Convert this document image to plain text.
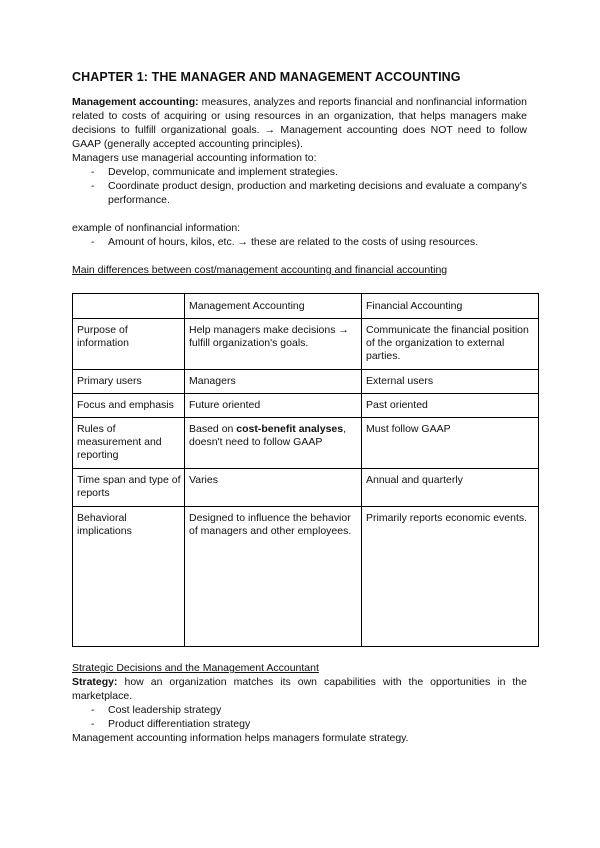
CHAPTER 1: THE MANAGER AND MANAGEMENT ACCOUNTING

Management accounting: measures, analyzes and reports financial and nonfinancial information related to costs of acquiring or using resources in an organization, that helps managers make decisions to fulfill organizational goals. → Management accounting does NOT need to follow GAAP (generally accepted accounting principles).

Managers use managerial accounting information to:

- Develop, communicate and implement strategies.
- Coordinate product design, production and marketing decisions and evaluate a company's performance.

example of nonfinancial information:

- Amount of hours, kilos, etc. → these are related to the costs of using resources.

Main differences between cost/management accounting and financial accounting

	Management Accounting	Financial Accounting
Purpose of information	Help managers make decisions → fulfill organization's goals.	Communicate the financial position of the organization to external parties.
Primary users	Managers	External users
Focus and emphasis	Future oriented	Past oriented
Rules of measurement and reporting	Based on cost-benefit analyses, doesn't need to follow GAAP	Must follow GAAP
Time span and type of reports	Varies	Annual and quarterly
Behavioral implications	Designed to influence the behavior of managers and other employees.	Primarily reports economic events.

Strategic Decisions and the Management Accountant

Strategy: how an organization matches its own capabilities with the opportunities in the marketplace.

- Cost leadership strategy
- Product differentiation strategy

Management accounting information helps managers formulate strategy.
